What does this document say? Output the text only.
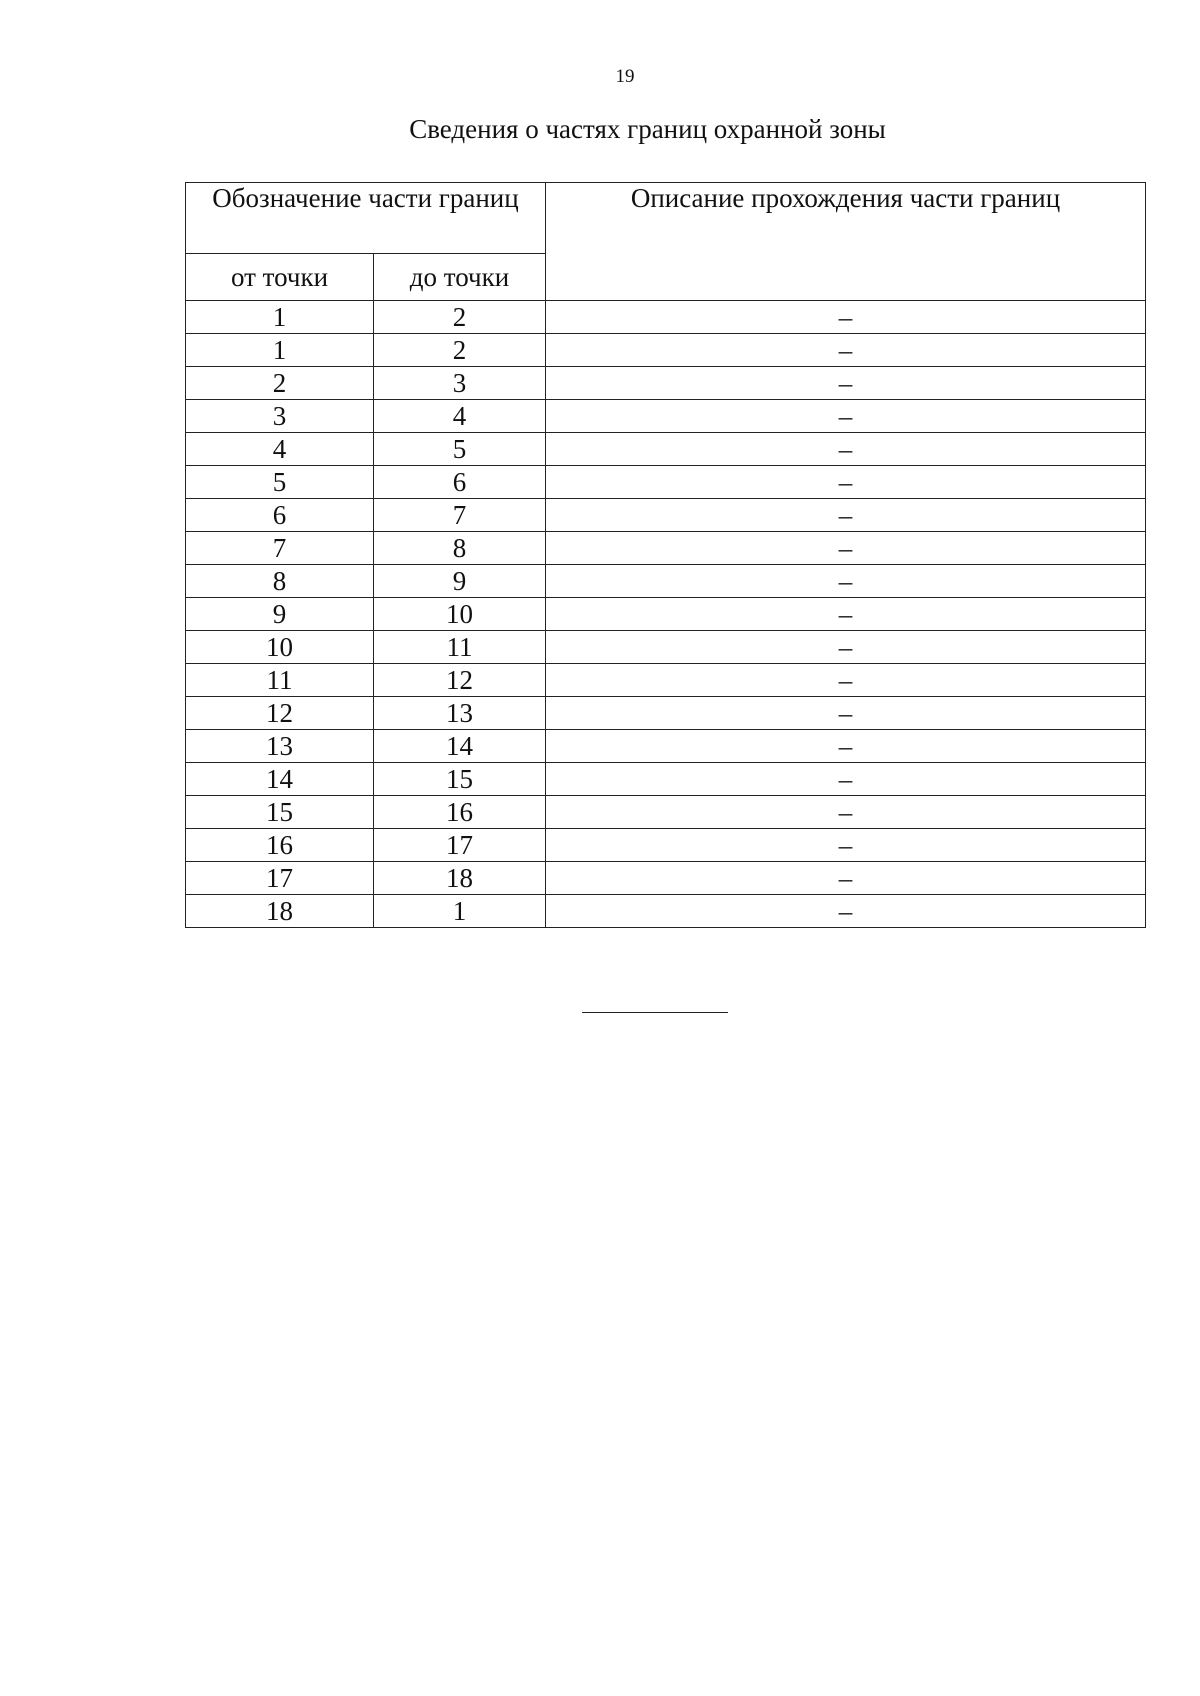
19
Сведения о частях границ охранной зоны
Обозначение части границ		Описание прохождения части границ
от точки	до точки	
1	2	–
1	2	–
2	3	–
3	4	–
4	5	–
5	6	–
6	7	–
7	8	–
8	9	–
9	10	–
10	11	–
11	12	–
12	13	–
13	14	–
14	15	–
15	16	–
16	17	–
17	18	–
18	1	–
